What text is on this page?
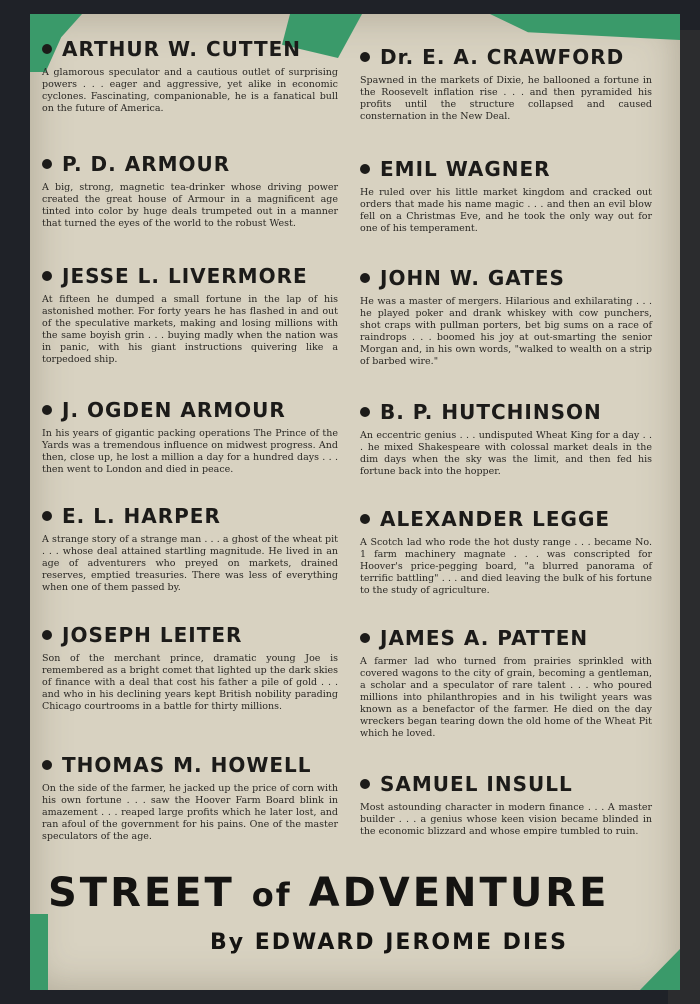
ARTHUR W. CUTTEN
A glamorous speculator and a cautious outlet of surprising powers . . . eager and aggressive, yet alike in economic cyclones. Fascinating, companionable, he is a fanatical bull on the future of America.
P. D. ARMOUR
A big, strong, magnetic tea-drinker whose driving power created the great house of Armour in a magnificent age tinted into color by huge deals trumpeted out in a manner that turned the eyes of the world to the robust West.
JESSE L. LIVERMORE
At fifteen he dumped a small fortune in the lap of his astonished mother. For forty years he has flashed in and out of the speculative markets, making and losing millions with the same boyish grin . . . buying madly when the nation was in panic, with his giant instructions quivering like a torpedoed ship.
J. OGDEN ARMOUR
In his years of gigantic packing operations The Prince of the Yards was a tremendous influence on midwest progress. And then, close up, he lost a million a day for a hundred days . . . then went to London and died in peace.
E. L. HARPER
A strange story of a strange man . . . a ghost of the wheat pit . . . whose deal attained startling magnitude. He lived in an age of adventurers who preyed on markets, drained reserves, emptied treasuries. There was less of everything when one of them passed by.
JOSEPH LEITER
Son of the merchant prince, dramatic young Joe is remembered as a bright comet that lighted up the dark skies of finance with a deal that cost his father a pile of gold . . . and who in his declining years kept British nobility parading Chicago courtrooms in a battle for thirty millions.
THOMAS M. HOWELL
On the side of the farmer, he jacked up the price of corn with his own fortune . . . saw the Hoover Farm Board blink in amazement . . . reaped large profits which he later lost, and ran afoul of the government for his pains. One of the master speculators of the age.
Dr. E. A. CRAWFORD
Spawned in the markets of Dixie, he ballooned a fortune in the Roosevelt inflation rise . . . and then pyramided his profits until the structure collapsed and caused consternation in the New Deal.
EMIL WAGNER
He ruled over his little market kingdom and cracked out orders that made his name magic . . . and then an evil blow fell on a Christmas Eve, and he took the only way out for one of his temperament.
JOHN W. GATES
He was a master of mergers. Hilarious and exhilarating . . . he played poker and drank whiskey with cow punchers, shot craps with pullman porters, bet big sums on a race of raindrops . . . boomed his joy at out-smarting the senior Morgan and, in his own words, "walked to wealth on a strip of barbed wire."
B. P. HUTCHINSON
An eccentric genius . . . undisputed Wheat King for a day . . . he mixed Shakespeare with colossal market deals in the dim days when the sky was the limit, and then fed his fortune back into the hopper.
ALEXANDER LEGGE
A Scotch lad who rode the hot dusty range . . . became No. 1 farm machinery magnate . . . was conscripted for Hoover's price-pegging board, "a blurred panorama of terrific battling" . . . and died leaving the bulk of his fortune to the study of agriculture.
JAMES A. PATTEN
A farmer lad who turned from prairies sprinkled with covered wagons to the city of grain, becoming a gentleman, a scholar and a speculator of rare talent . . . who poured millions into philanthropies and in his twilight years was known as a benefactor of the farmer. He died on the day wreckers began tearing down the old home of the Wheat Pit which he loved.
SAMUEL INSULL
Most astounding character in modern finance . . . A master builder . . . a genius whose keen vision became blinded in the economic blizzard and whose empire tumbled to ruin.
STREET of ADVENTURE
By EDWARD JEROME DIES
